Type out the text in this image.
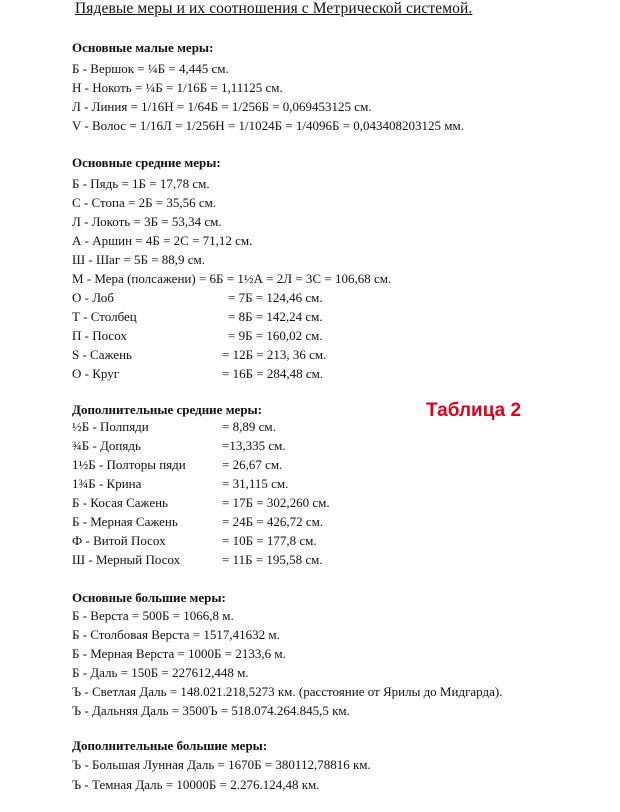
Пядевые меры и их соотношения с Метрической системой.
Основные малые меры:
Б - Вершок = ¼Б = 4,445 см.
Н - Нокоть = ¼Б = 1/16Б = 1,11125 см.
Л - Линия = 1/16Н = 1/64Б = 1/256Б = 0,069453125 см.
V - Волос = 1/16Л = 1/256Н = 1/1024Б = 1/4096Б = 0,043408203125 мм.
Основные средние меры:
Б - Пядь = 1Б = 17,78 см.
С - Стопа = 2Б = 35,56 см.
Л - Локоть = 3Б = 53,34 см.
А - Аршин = 4Б = 2С = 71,12 см.
Ш - Шаг = 5Б = 88,9 см.
М - Мера (полсажени) = 6Б = 1½А = 2Л = 3С = 106,68 см.
О - Лоб	= 7Б = 124,46 см.
Т - Столбец	= 8Б = 142,24 см.
П - Посох	= 9Б = 160,02 см.
S - Сажень	= 12Б = 213, 36 см.
О - Круг	= 16Б = 284,48 см.
Дополнительные средние меры:
½Б - Полпяди	= 8,89 см.
¾Б - Допядь	=13,335 см.
1½Б - Полторы пяди	= 26,67 см.
1¾Б - Крина	= 31,115 см.
Б - Косая Сажень	= 17Б = 302,260 см.
Б - Мерная Сажень	= 24Б = 426,72 см.
Ф - Витой Посох	= 10Б = 177,8 см.
Ш - Мерный Посох	= 11Б = 195,58 см.
Основные большие меры:
Б - Верста = 500Б = 1066,8 м.
Б - Столбовая Верста = 1517,41632 м.
Б - Мерная Верста = 1000Б = 2133,6 м.
Б - Даль = 150Б = 227612,448 м.
Ъ - Светлая Даль = 148.021.218,5273 км. (расстояние от Ярилы до Мидгарда).
Ъ - Дальняя Даль = 3500Ъ = 518.074.264.845,5 км.
Дополнительные большие меры:
Ъ - Большая Лунная Даль = 1670Б = 380112,78816 км.
Ъ - Темная Даль = 10000Б = 2.276.124,48 км.
Таблица 2
